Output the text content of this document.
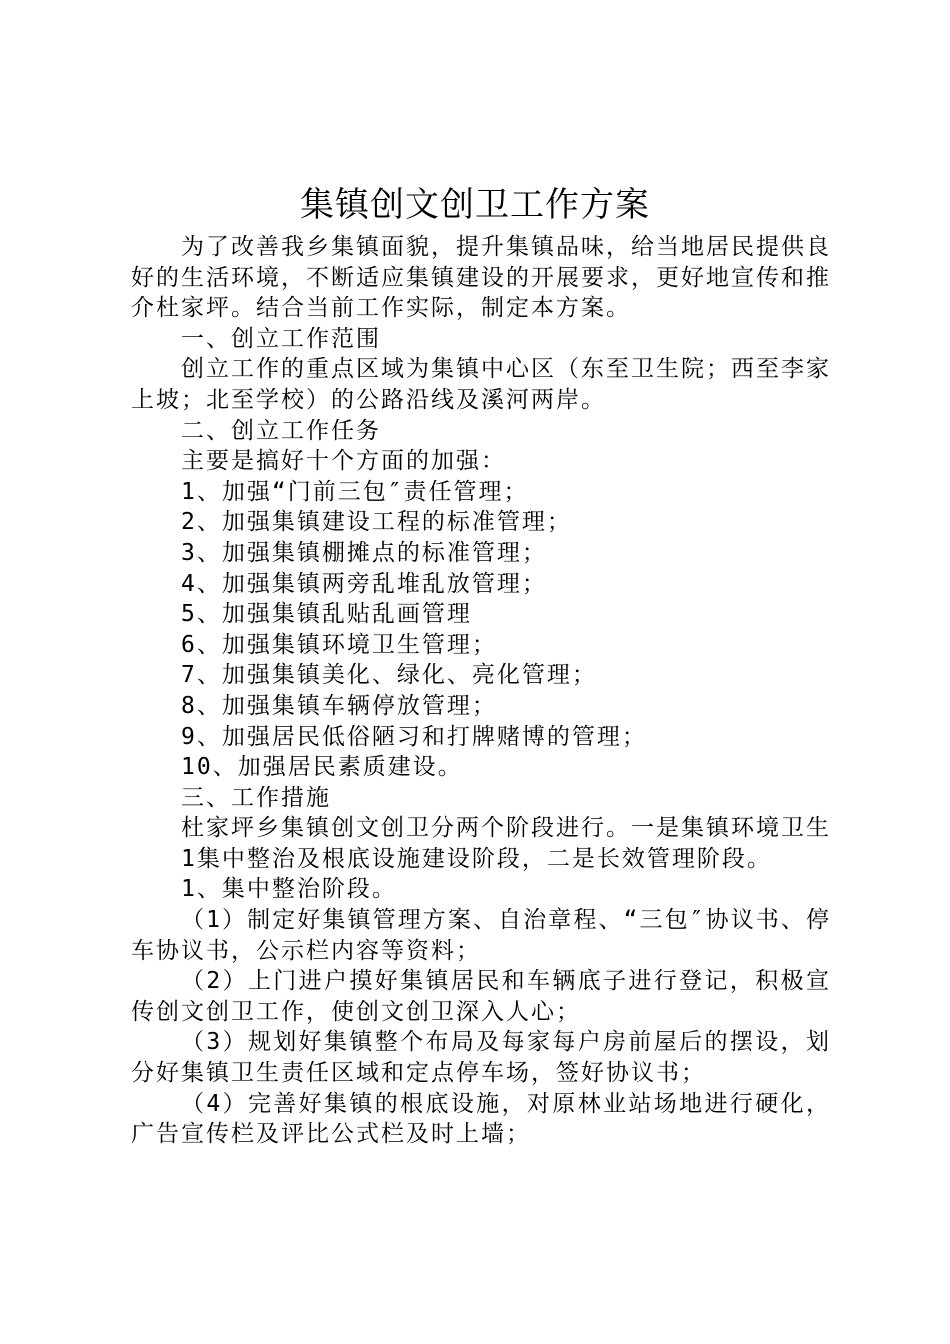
集镇创文创卫工作方案

为了改善我乡集镇面貌，提升集镇品味，给当地居民提供良好的生活环境，不断适应集镇建设的开展要求，更好地宣传和推介杜家坪。结合当前工作实际，制定本方案。

一、创立工作范围

创立工作的重点区域为集镇中心区（东至卫生院；西至李家上坡；北至学校）的公路沿线及溪河两岸。

二、创立工作任务

主要是搞好十个方面的加强：

1、加强“门前三包″责任管理；

2、加强集镇建设工程的标准管理；

3、加强集镇棚摊点的标准管理；

4、加强集镇两旁乱堆乱放管理；

5、加强集镇乱贴乱画管理

6、加强集镇环境卫生管理；

7、加强集镇美化、绿化、亮化管理；

8、加强集镇车辆停放管理；

9、加强居民低俗陋习和打牌赌博的管理；

10、加强居民素质建设。

三、工作措施

杜家坪乡集镇创文创卫分两个阶段进行。一是集镇环境卫生

1集中整治及根底设施建设阶段，二是长效管理阶段。

1、集中整治阶段。

（1）制定好集镇管理方案、自治章程、“三包″协议书、停车协议书，公示栏内容等资料；

（2）上门进户摸好集镇居民和车辆底子进行登记，积极宣传创文创卫工作，使创文创卫深入人心；

（3）规划好集镇整个布局及每家每户房前屋后的摆设，划分好集镇卫生责任区域和定点停车场，签好协议书；

（4）完善好集镇的根底设施，对原林业站场地进行硬化，广告宣传栏及评比公式栏及时上墙；
